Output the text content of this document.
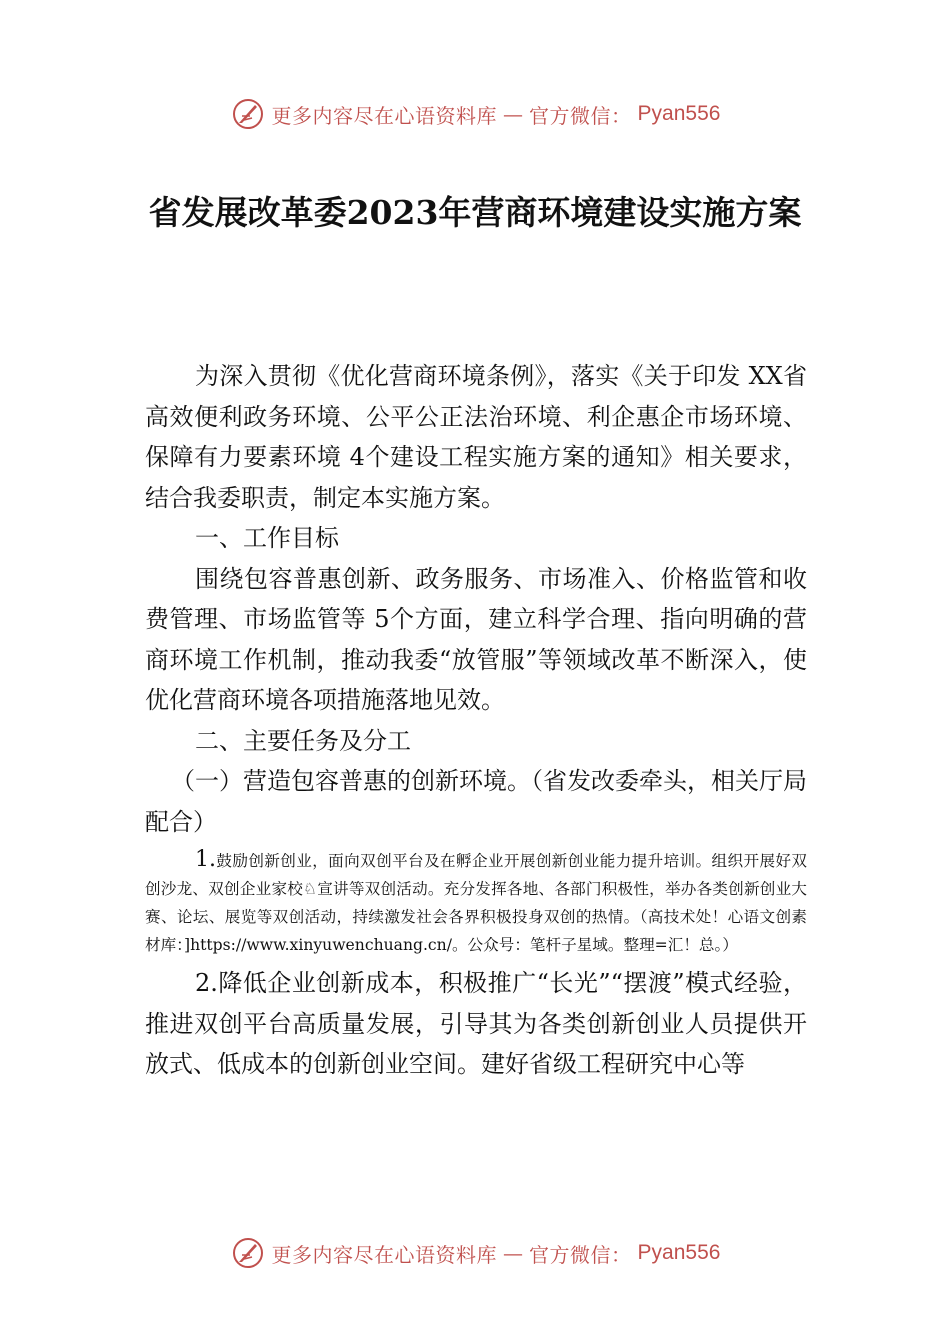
更多内容尽在心语资料库 — 官方微信： Pyan556
省发展改革委2023年营商环境建设实施方案

为深入贯彻《优化营商环境条例》，落实《关于印发 XX省高效便利政务环境、公平公正法治环境、利企惠企市场环境、保障有力要素环境 4个建设工程实施方案的通知》相关要求，结合我委职责，制定本实施方案。

一、工作目标

围绕包容普惠创新、政务服务、市场准入、价格监管和收费管理、市场监管等 5个方面，建立科学合理、指向明确的营商环境工作机制，推动我委“放管服”等领域改革不断深入，使优化营商环境各项措施落地见效。

二、主要任务及分工

（一）营造包容普惠的创新环境。（省发改委牵头，相关厅局配合）

1.鼓励创新创业，面向双创平台及在孵企业开展创新创业能力提升培训。组织开展好双创沙龙、双创企业家校♘宣讲等双创活动。充分发挥各地、各部门积极性，举办各类创新创业大赛、论坛、展览等双创活动，持续激发社会各界积极投身双创的热情。（高技术处！心语文创素材库：]https://www.xinyuwenchuang.cn/。公众号：笔杆子星域。整理=汇！总。）

2.降低企业创新成本，积极推广“长光”“摆渡”模式经验，推进双创平台高质量发展，引导其为各类创新创业人员提供开放式、低成本的创新创业空间。建好省级工程研究中心等

更多内容尽在心语资料库 — 官方微信： Pyan556
